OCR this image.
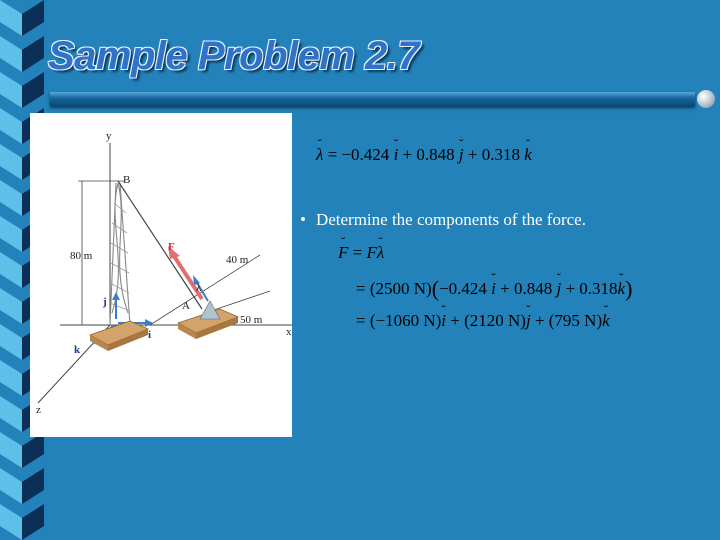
Sample Problem 2.7
y
B
F
λ
A
80 m	40 m
50 m
j
i
k
x
z
˘ λ = −0.424 ˘ i + 0.848 ˘ j + 0.318 ˘ k
• Determine the components of the force.
˘ F = F˘ λ
= (2500 N)(−0.424 ˘ i + 0.848 ˘ j + 0.318˘ k)
= (−1060 N)˘ i + (2120 N)˘ j + (795 N)˘ k
